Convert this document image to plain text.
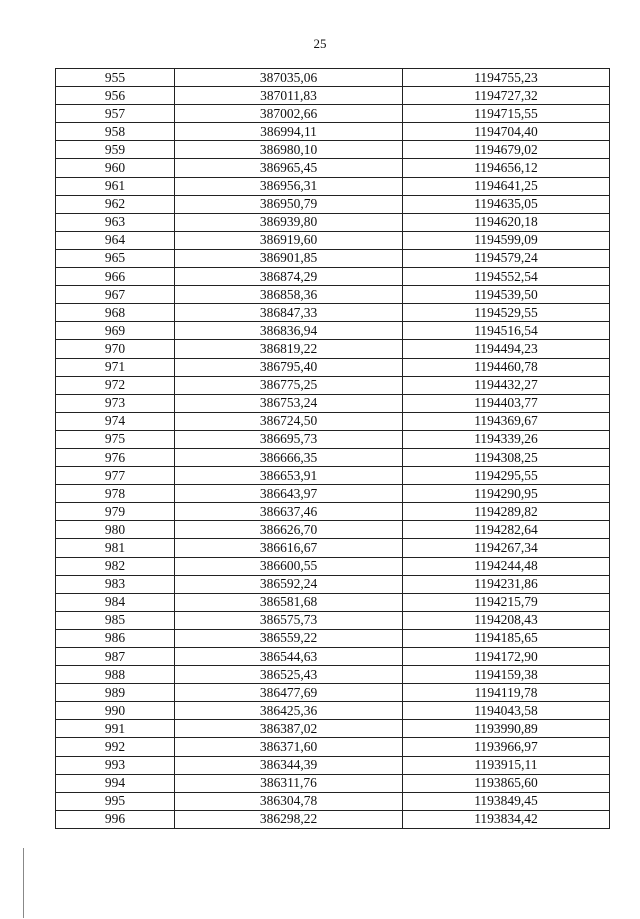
25
955	387035,06	1194755,23
956	387011,83	1194727,32
957	387002,66	1194715,55
958	386994,11	1194704,40
959	386980,10	1194679,02
960	386965,45	1194656,12
961	386956,31	1194641,25
962	386950,79	1194635,05
963	386939,80	1194620,18
964	386919,60	1194599,09
965	386901,85	1194579,24
966	386874,29	1194552,54
967	386858,36	1194539,50
968	386847,33	1194529,55
969	386836,94	1194516,54
970	386819,22	1194494,23
971	386795,40	1194460,78
972	386775,25	1194432,27
973	386753,24	1194403,77
974	386724,50	1194369,67
975	386695,73	1194339,26
976	386666,35	1194308,25
977	386653,91	1194295,55
978	386643,97	1194290,95
979	386637,46	1194289,82
980	386626,70	1194282,64
981	386616,67	1194267,34
982	386600,55	1194244,48
983	386592,24	1194231,86
984	386581,68	1194215,79
985	386575,73	1194208,43
986	386559,22	1194185,65
987	386544,63	1194172,90
988	386525,43	1194159,38
989	386477,69	1194119,78
990	386425,36	1194043,58
991	386387,02	1193990,89
992	386371,60	1193966,97
993	386344,39	1193915,11
994	386311,76	1193865,60
995	386304,78	1193849,45
996	386298,22	1193834,42
